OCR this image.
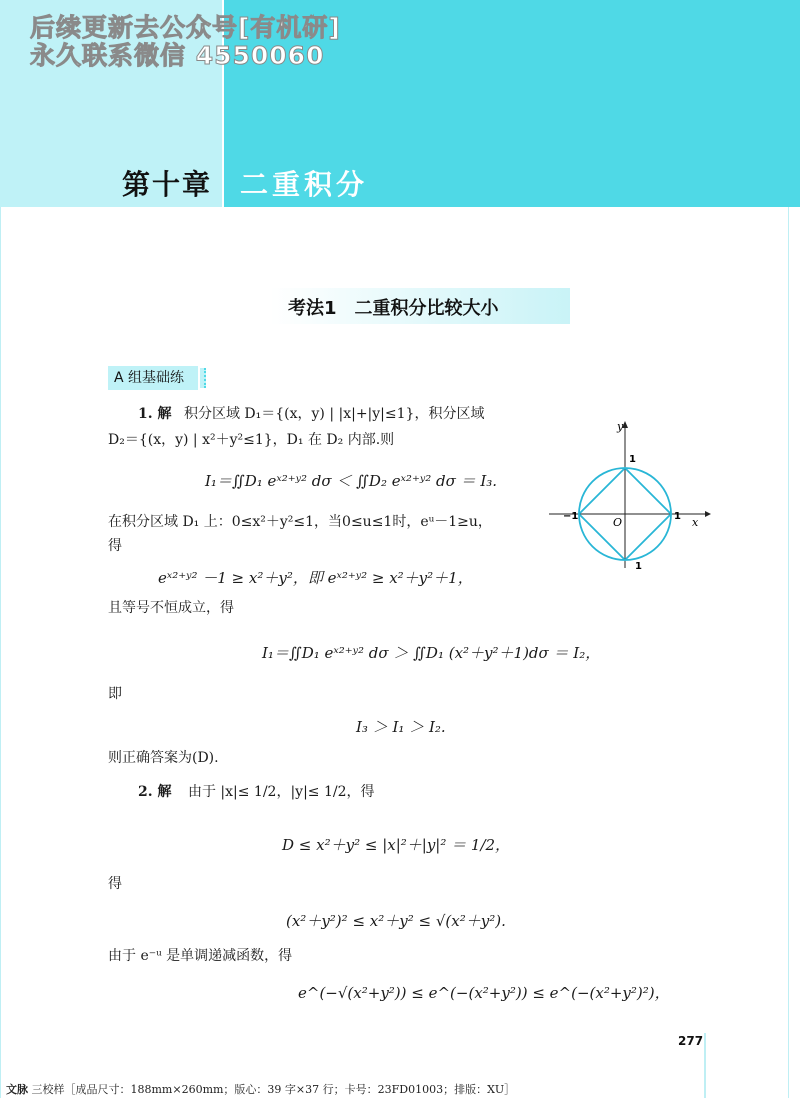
后续更新去公众号[有机研]
永久联系微信 4550060
第十章 二重积分
考法1　二重积分比较大小
A 组基础练
1. 解 积分区域 D₁＝{(x，y) | |x|+|y|≤1}，积分区域
D₂＝{(x，y) | x²＋y²≤1}，D₁ 在 D₂ 内部.则
I₁＝∬D₁ eˣ²⁺ʸ² dσ ＜ ∬D₂ eˣ²⁺ʸ² dσ ＝ I₃.
在积分区域 D₁ 上：0≤x²＋y²≤1，当0≤u≤1时，eᵘ－1≥u，
得
eˣ²⁺ʸ² －1 ≥ x²＋y²，即 eˣ²⁺ʸ² ≥ x²＋y²＋1，
且等号不恒成立，得
I₁＝∬D₁ eˣ²⁺ʸ² dσ ＞ ∬D₁ (x²＋y²＋1)dσ ＝ I₂，
即
I₃ ＞ I₁ ＞ I₂.
则正确答案为(D).
2. 解 由于 |x|≤ 1/2，|y|≤ 1/2，得
D ≤ x²＋y² ≤ |x|²＋|y|² ＝ 1/2，
得
(x²＋y²)² ≤ x²＋y² ≤ √(x²＋y²).
由于 e⁻ᵘ 是单调递减函数，得
e^(−√(x²+y²)) ≤ e^(−(x²+y²)) ≤ e^(−(x²+y²)²)，
y
x
O
1
1
−1	1
277
文脉 三校样［成品尺寸：188mm×260mm；版心：39 字×37 行；卡号：23FD01003；排版：XU］
